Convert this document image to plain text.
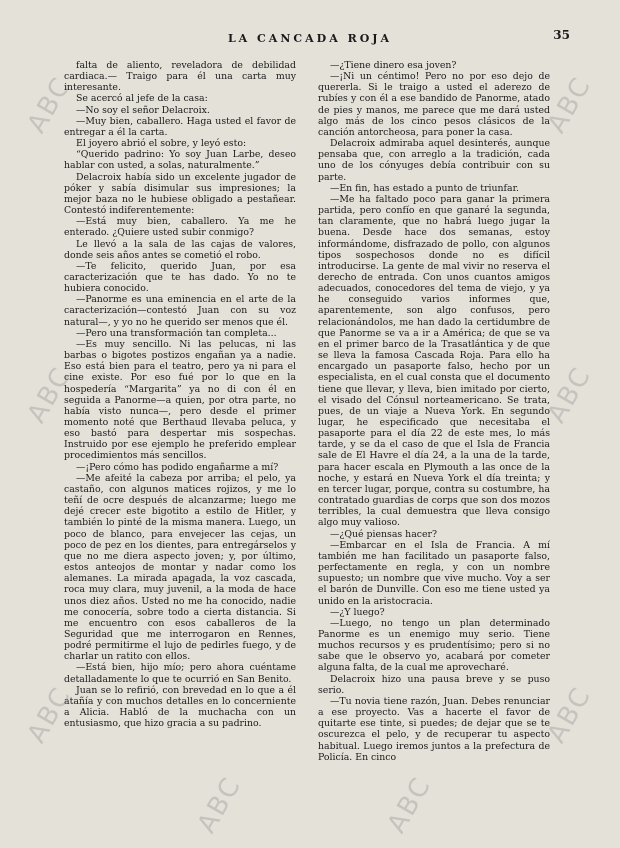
LA CANCADA ROJA	35

falta de aliento, reveladora de debilidad cardiaca.— Traigo para él una carta muy interesante.

Se acercó al jefe de la casa:

—No soy el señor Delacroix.

—Muy bien, caballero. Haga usted el favor de entregar a él la carta.

El joyero abrió el sobre, y leyó esto:

“Querido padrino: Yo soy Juan Larbe, deseo hablar con usted, a solas, naturalmente.”

Delacroix había sido un excelente jugador de póker y sabía disimular sus impresiones; la mejor baza no le hubiese obligado a pestañear. Contestó indiferentemente:

—Está muy bien, caballero. Ya me he enterado. ¿Quiere usted subir conmigo?

Le llevó a la sala de las cajas de valores, donde seis años antes se cometió el robo.

—Te felicito, querido Juan, por esa caracterización que te has dado. Yo no te hubiera conocido.

—Panorme es una eminencia en el arte de la caracterización—contestó Juan con su voz natural—, y yo no he querido ser menos que él.

—Pero una transformación tan completa...

—Es muy sencillo. Ni las pelucas, ni las barbas o bigotes postizos engañan ya a nadie. Eso está bien para el teatro, pero ya ni para el cine existe. Por eso fué por lo que en la hospedería “Margarita” ya no di con él en seguida a Panorme—a quien, por otra parte, no había visto nunca—, pero desde el primer momento noté que Berthaud llevaba peluca, y eso bastó para despertar mis sospechas. Instruido por ese ejemplo he preferido emplear procedimientos más sencillos.

—¡Pero cómo has podido engañarme a mí?

—Me afeité la cabeza por arriba; el pelo, ya castaño, con algunos matices rojizos, y me lo teñí de ocre después de alcanzarme; luego me dejé crecer este bigotito a estilo de Hitler, y también lo pinté de la misma manera. Luego, un poco de blanco, para envejecer las cejas, un poco de pez en los dientes, para entregárselos y que no me diera aspecto joven; y, por último, estos anteojos de montar y nadar como los alemanes. La mirada apagada, la voz cascada, roca muy clara, muy juvenil, a la moda de hace unos diez años. Usted no me ha conocido, nadie me conocería, sobre todo a cierta distancia. Si me encuentro con esos caballeros de la Seguridad que me interrogaron en Rennes, podré permitirme el lujo de pedirles fuego, y de charlar un ratito con ellos.

—Está bien, hijo mío; pero ahora cuéntame detalladamente lo que te ocurrió en San Benito.

Juan se lo refirió, con brevedad en lo que a él atañía y con muchos detalles en lo concerniente a Alicia. Habló de la muchacha con un entusiasmo, que hizo gracia a su padrino.

—¿Tiene dinero esa joven?

—¡Ni un céntimo! Pero no por eso dejo de quererla. Si le traigo a usted el aderezo de rubíes y con él a ese bandido de Panorme, atado de pies y manos, me parece que me dará usted algo más de los cinco pesos clásicos de la canción antorcheosa, para poner la casa.

Delacroix admiraba aquel desinterés, aunque pensaba que, con arreglo a la tradición, cada uno de los cónyuges debía contribuir con su parte.

—En fin, has estado a punto de triunfar.

—Me ha faltado poco para ganar la primera partida, pero confío en que ganaré la segunda, tan claramente, que no habrá luego jugar la buena. Desde hace dos semanas, estoy informándome, disfrazado de pollo, con algunos tipos sospechosos donde no es difícil introducirse. La gente de mal vivir no reserva el derecho de entrada. Con unos cuantos amigos adecuados, conocedores del tema de viejo, y ya he conseguido varios informes que, aparentemente, son algo confusos, pero relacionándolos, me han dado la certidumbre de que Panorme se va a ir a América; de que se va en el primer barco de la Trasatlántica y de que se lleva la famosa Cascada Roja. Para ello ha encargado un pasaporte falso, hecho por un especialista, en el cual consta que el documento tiene que llevar, y lleva, bien imitado por cierto, el visado del Cónsul norteamericano. Se trata, pues, de un viaje a Nueva York. En segundo lugar, he especificado que necesitaba el pasaporte para el día 22 de este mes, lo más tarde, y se da el caso de que el Isla de Francia sale de El Havre el día 24, a la una de la tarde, para hacer escala en Plymouth a las once de la noche, y estará en Nueva York el día treinta; y en tercer lugar, porque, contra su costumbre, ha contratado guardias de corps que son dos mozos terribles, la cual demuestra que lleva consigo algo muy valioso.

—¿Qué piensas hacer?

—Embarcar en el Isla de Francia. A mí también me han facilitado un pasaporte falso, perfectamente en regla, y con un nombre supuesto; un nombre que vive mucho. Voy a ser el barón de Dunville. Con eso me tiene usted ya unido en la aristocracia.

—¿Y luego?

—Luego, no tengo un plan determinado Panorme es un enemigo muy serio. Tiene muchos recursos y es prudentísimo; pero si no sabe que le observo yo, acabará por cometer alguna falta, de la cual me aprovecharé.

Delacroix hizo una pausa breve y se puso serio.

—Tu novia tiene razón, Juan. Debes renunciar a ese proyecto. Vas a hacerte el favor de quitarte ese tinte, si puedes; de dejar que se te oscurezca el pelo, y de recuperar tu aspecto habitual. Luego iremos juntos a la prefectura de Policía. En cinco

ABC
ABC
ABC
ABC
ABC
ABC
ABC	ABC
